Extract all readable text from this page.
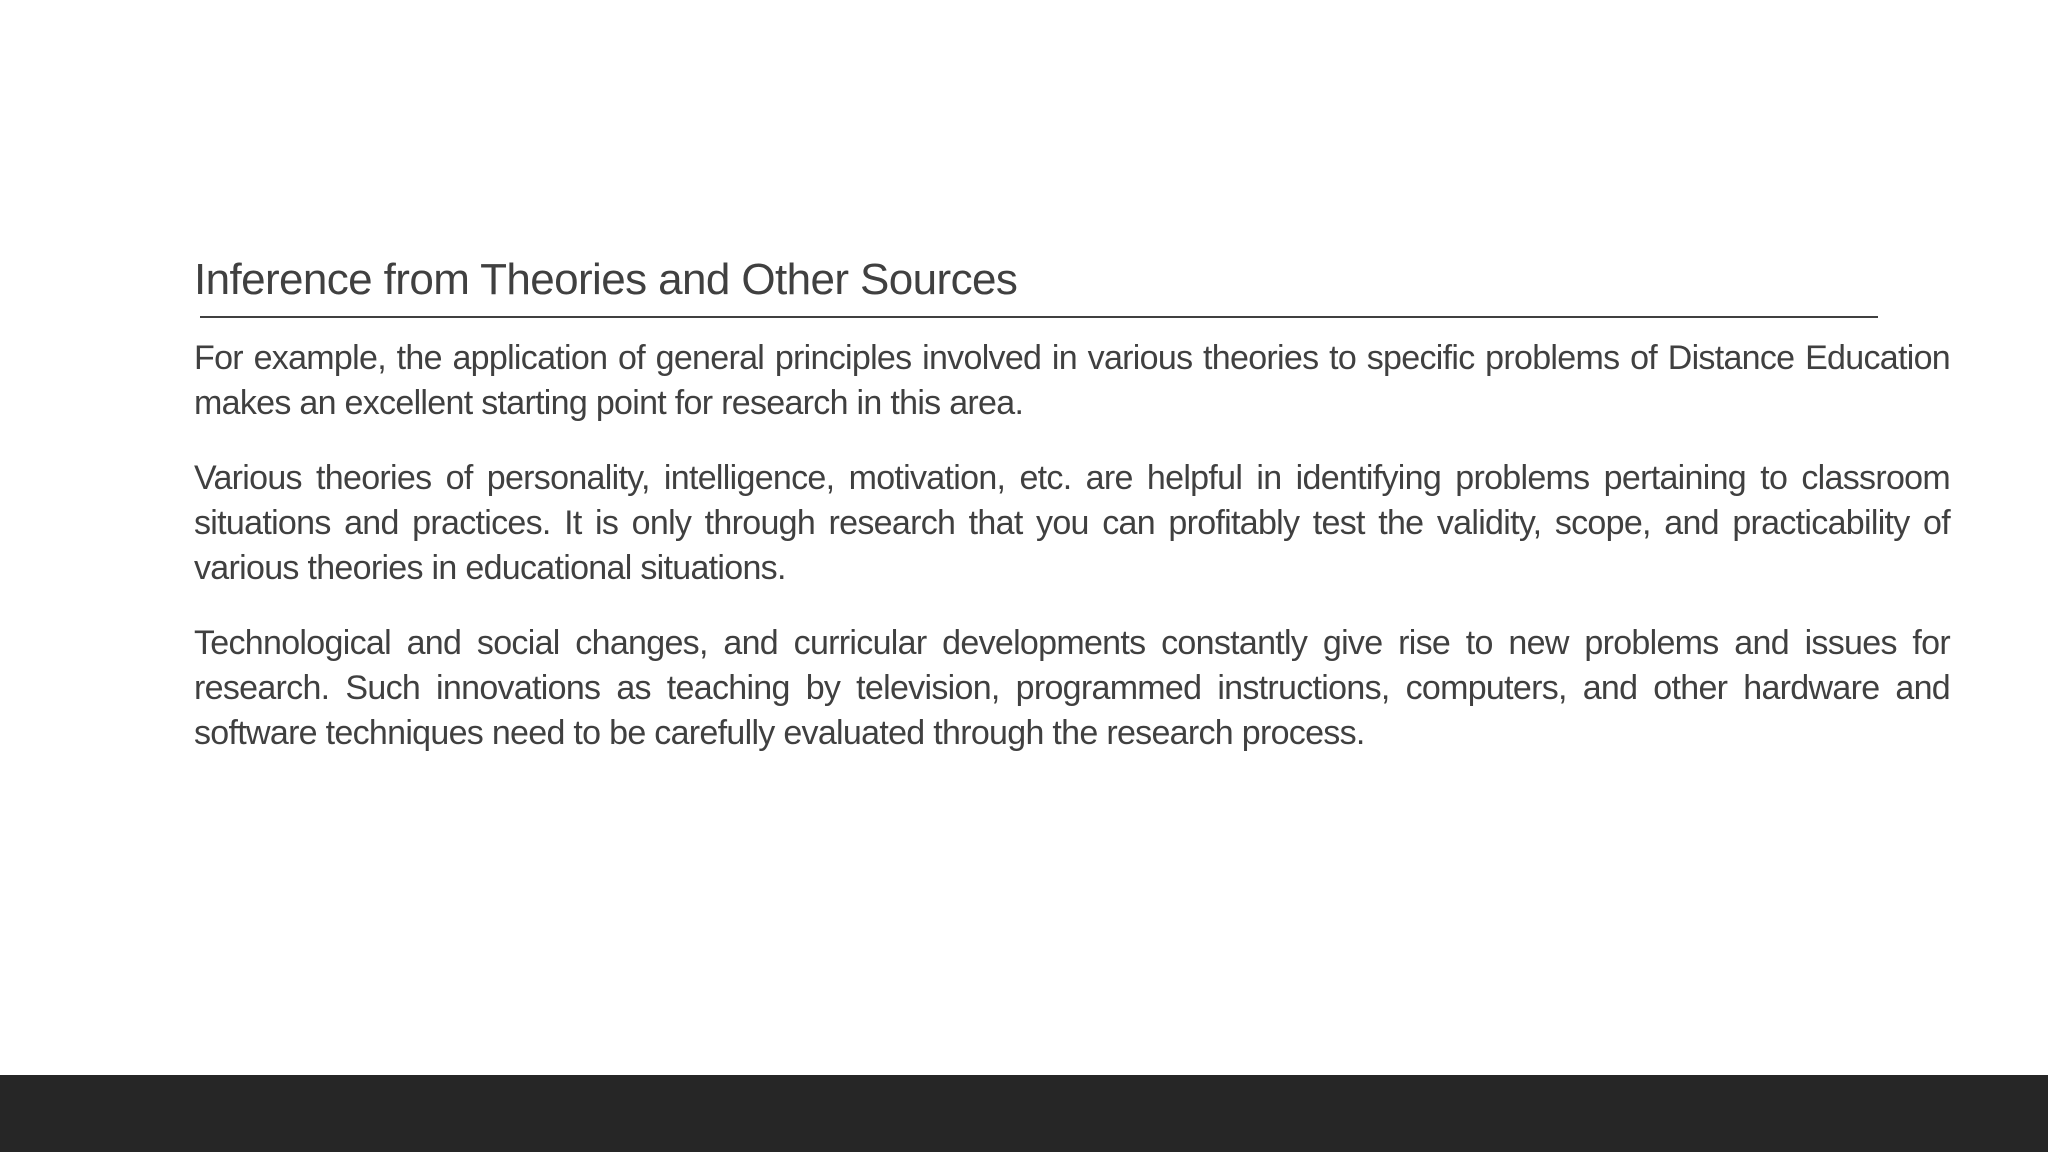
Inference from Theories and Other Sources

For example, the application of general principles involved in various theories to specific problems of Distance Education makes an excellent starting point for research in this area.

Various theories of personality, intelligence, motivation, etc. are helpful in identifying problems pertaining to classroom situations and practices. It is only through research that you can profitably test the validity, scope, and practicability of various theories in educational situations.

Technological and social changes, and curricular developments constantly give rise to new problems and issues for research. Such innovations as teaching by television, programmed instructions, computers, and other hardware and software techniques need to be carefully evaluated through the research process.
